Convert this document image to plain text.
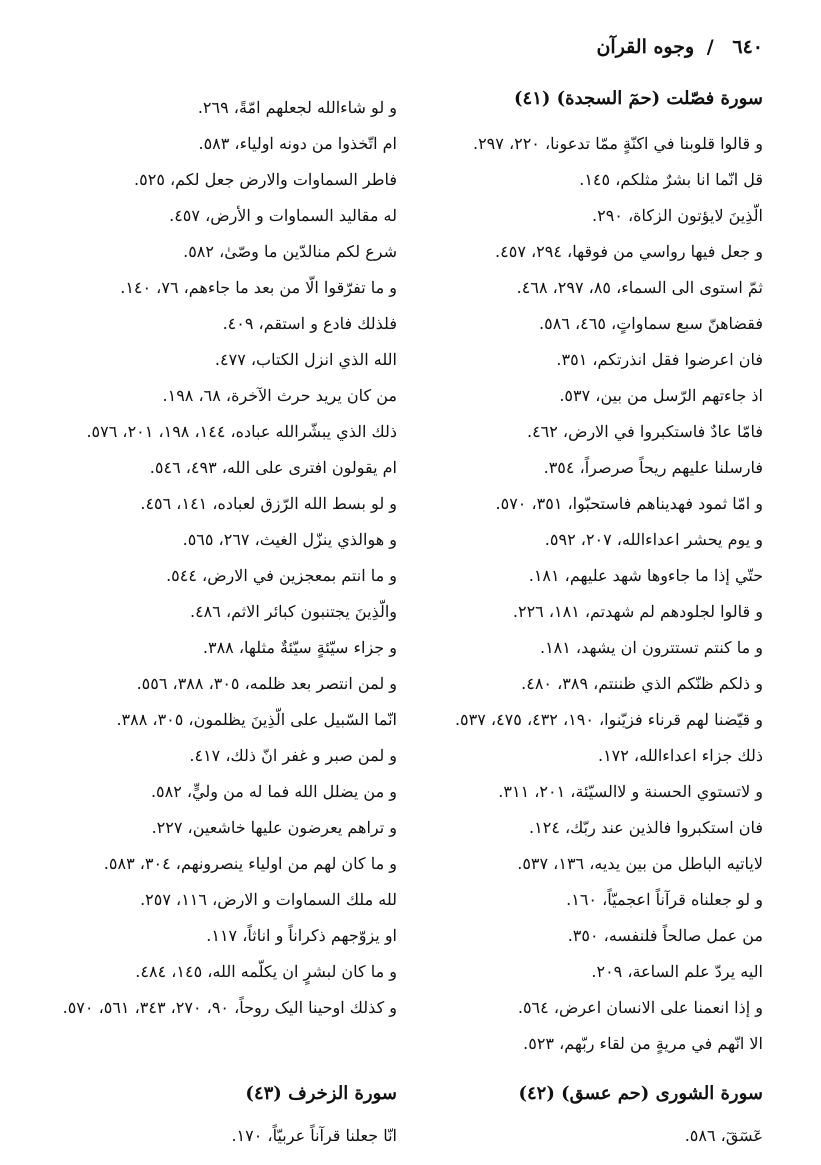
٦٤٠ / وجوه القرآن
سورة فصّلت (حمٓ السجدة) (٤١)
و قالوا قلوبنا في اكنّةٍ ممّا تدعونا، ٢٢٠، ٢٩٧.
قل انّما انا بشرٌ مثلكم، ١٤٥.
الّذِينَ لايؤتون الزكاة، ٢٩٠.
و جعل فيها رواسي من فوقها، ٢٩٤، ٤٥٧.
ثمّ استوى الى السماء، ٨٥، ٢٩٧، ٤٦٨.
فقضاهنّ سبع سماواتٍ، ٤٦٥، ٥٨٦.
فان اعرضوا فقل انذرتكم، ٣٥١.
اذ جاءتهم الرّسل من بين، ٥٣٧.
فامّا عادٌ فاستكبروا في الارض، ٤٦٢.
فارسلنا عليهم ريحاً صرصراً، ٣٥٤.
و امّا ثمود فهديناهم فاستحبّوا، ٣٥١، ٥٧٠.
و يوم يحشر اعداءالله، ٢٠٧، ٥٩٢.
حتّي إذا ما جاءوها شهد عليهم، ١٨١.
و قالوا لجلودهم لم شهدتم، ١٨١، ٢٢٦.
و ما كنتم تستترون ان يشهد، ١٨١.
و ذلكم ظنّكم الذي ظننتم، ٣٨٩، ٤٨٠.
و قيّضنا لهم قرناء فزيّنوا، ١٩٠، ٤٣٢، ٤٧٥، ٥٣٧.
ذلك جزاء اعداءالله، ١٧٢.
و لاتستوي الحسنة و لاالسيّئة، ٢٠١، ٣١١.
فان استكبروا فالذين عند ربّك، ١٢٤.
لاياتيه الباطل من بين يديه، ١٣٦، ٥٣٧.
و لو جعلناه قرآناً اعجميّاً، ١٦٠.
من عمل صالحاً فلنفسه، ٣٥٠.
اليه يردّ علم الساعة، ٢٠٩.
و إذا انعمنا على الانسان اعرض، ٥٦٤.
الا انّهم في مريةٍ من لقاء ربّهم، ٥٢٣.
سورة الشورى (حم عسق) (٤٢)
عٓسٓقٓ، ٥٨٦.
و لو شاءالله لجعلهم امّةً، ٢٦٩.
ام اتّخذوا من دونه اولياء، ٥٨٣.
فاطر السماوات والارض جعل لكم، ٥٢٥.
له مقاليد السماوات و الأرض، ٤٥٧.
شرع لكم منالدّين ما وصّىٰ، ٥٨٢.
و ما تفرّقوا الّا من بعد ما جاءهم، ٧٦، ١٤٠.
فلذلك فادع و استقم، ٤٠٩.
الله الذي انزل الكتاب، ٤٧٧.
من كان يريد حرث الآخرة، ٦٨، ١٩٨.
ذلك الذي يبشّرالله عباده، ١٤٤، ١٩٨، ٢٠١، ٥٧٦.
ام يقولون افترى على الله، ٤٩٣، ٥٤٦.
و لو بسط الله الرّزق لعباده، ١٤١، ٤٥٦.
و هوالذي ينزّل الغيث، ٢٦٧، ٥٦٥.
و ما انتم بمعجزين في الارض، ٥٤٤.
والّذِينَ يجتنبون كبائر الاثم، ٤٨٦.
و جزاء سيّئةٍ سيّئةٌ مثلها، ٣٨٨.
و لمن انتصر بعد ظلمه، ٣٠٥، ٣٨٨، ٥٥٦.
انّما السّبيل على الّذِينَ يظلمون، ٣٠٥، ٣٨٨.
و لمن صبر و غفر انّ ذلك، ٤١٧.
و من يضلل الله فما له من وليٍّ، ٥٨٢.
و تراهم يعرضون عليها خاشعين، ٢٢٧.
و ما كان لهم من اولياء ينصرونهم، ٣٠٤، ٥٨٣.
لله ملك السماوات و الارض، ١١٦، ٢٥٧.
او يزوّجهم ذكراناً و اناثاً، ١١٧.
و ما كان لبشرٍ ان يكلّمه الله، ١٤٥، ٤٨٤.
و كذلك اوحينا اليک روحاً، ٩٠، ٢٧٠، ٣٤٣، ٥٦١، ٥٧٠.
سورة الزخرف (٤٣)
انّا جعلنا قرآناً عربيّاً، ١٧٠.
